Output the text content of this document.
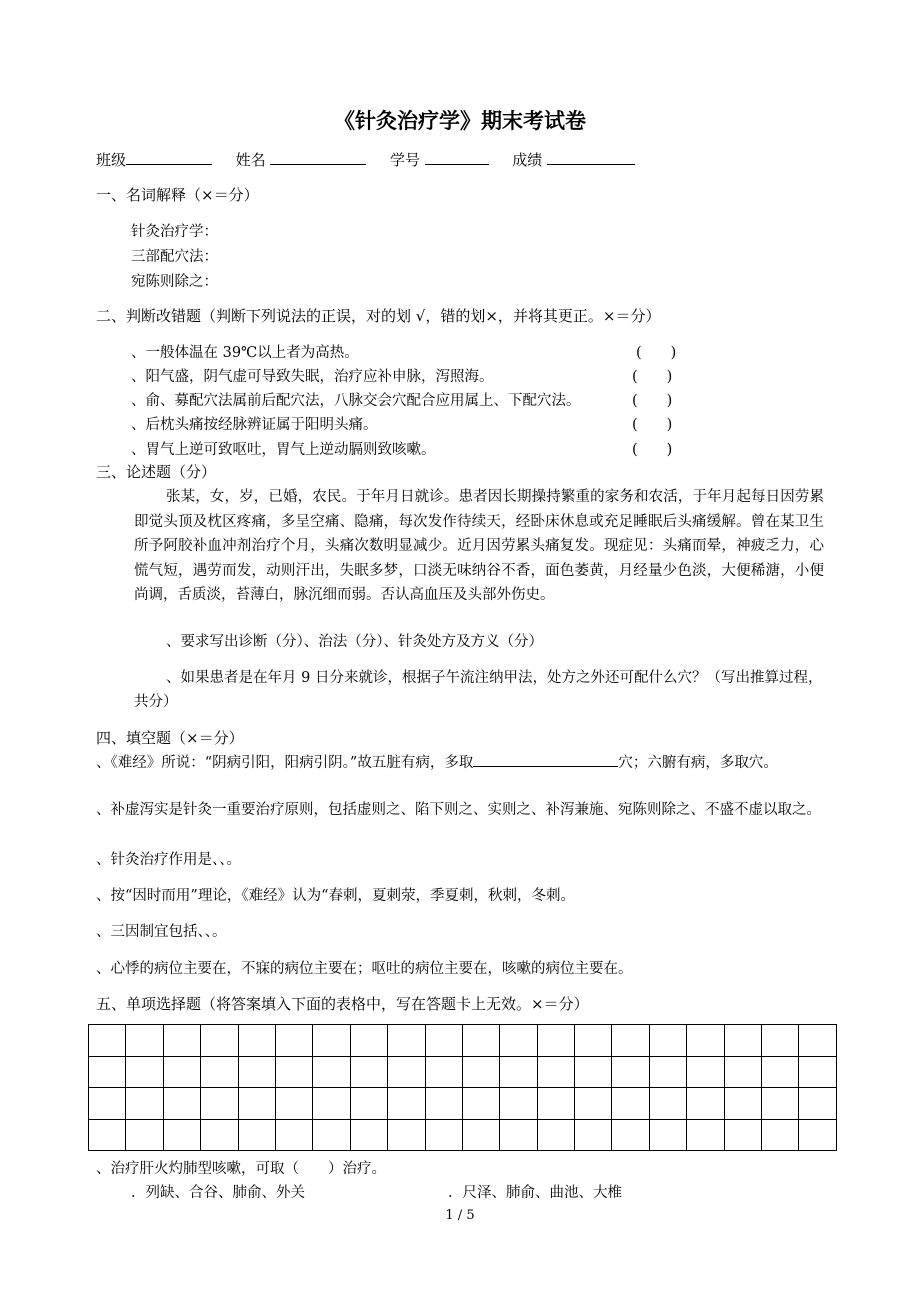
《针灸治疗学》期末考试卷
班级	姓名	学号	成绩
一、名词解释（×＝分）
针灸治疗学：
三部配穴法：
宛陈则除之：
二、判断改错题（判断下列说法的正误，对的划 √，错的划×，并将其更正。×＝分）
、一般体温在 39℃以上者为高热。	(　　)
、阳气盛，阴气虚可导致失眠，治疗应补申脉，泻照海。	(　　)
、俞、募配穴法属前后配穴法，八脉交会穴配合应用属上、下配穴法。	(　　)
、后枕头痛按经脉辨证属于阳明头痛。	(　　)
、胃气上逆可致呕吐，胃气上逆动膈则致咳嗽。	(　　)
三、论述题（分）
张某，女，岁，已婚，农民。于年月日就诊。患者因长期操持繁重的家务和农活，于年月起每日因劳累即觉头顶及枕区疼痛，多呈空痛、隐痛，每次发作待续天，经卧床休息或充足睡眠后头痛缓解。曾在某卫生所予阿胶补血冲剂治疗个月，头痛次数明显减少。近月因劳累头痛复发。现症见：头痛而晕，神疲乏力，心慌气短，遇劳而发，动则汗出，失眠多梦，口淡无味纳谷不香，面色萎黄，月经量少色淡，大便稀溏，小便尚调，舌质淡，苔薄白，脉沉细而弱。否认高血压及头部外伤史。
、要求写出诊断（分）、治法（分）、针灸处方及方义（分）
、如果患者是在年月 9 日分来就诊，根据子午流注纳甲法，处方之外还可配什么穴？（写出推算过程，共分）
四、填空题（×＝分）
、《难经》所说：“阴病引阳，阳病引阴。”故五脏有病，多取	穴；六腑有病，多取穴。
、补虚泻实是针灸一重要治疗原则，包括虚则之、陷下则之、实则之、补泻兼施、宛陈则除之、不盛不虚以取之。
、针灸治疗作用是、、。
、按“因时而用”理论，《难经》认为“春刺，夏刺荥，季夏刺，秋刺，冬刺。
、三因制宜包括、、。
、心悸的病位主要在，不寐的病位主要在；呕吐的病位主要在，咳嗽的病位主要在。
五、单项选择题（将答案填入下面的表格中，写在答题卡上无效。×＝分）

、治疗肝火灼肺型咳嗽，可取（　　）治疗。
．列缺、合谷、肺俞、外关	．尺泽、肺俞、曲池、大椎
1 / 5
